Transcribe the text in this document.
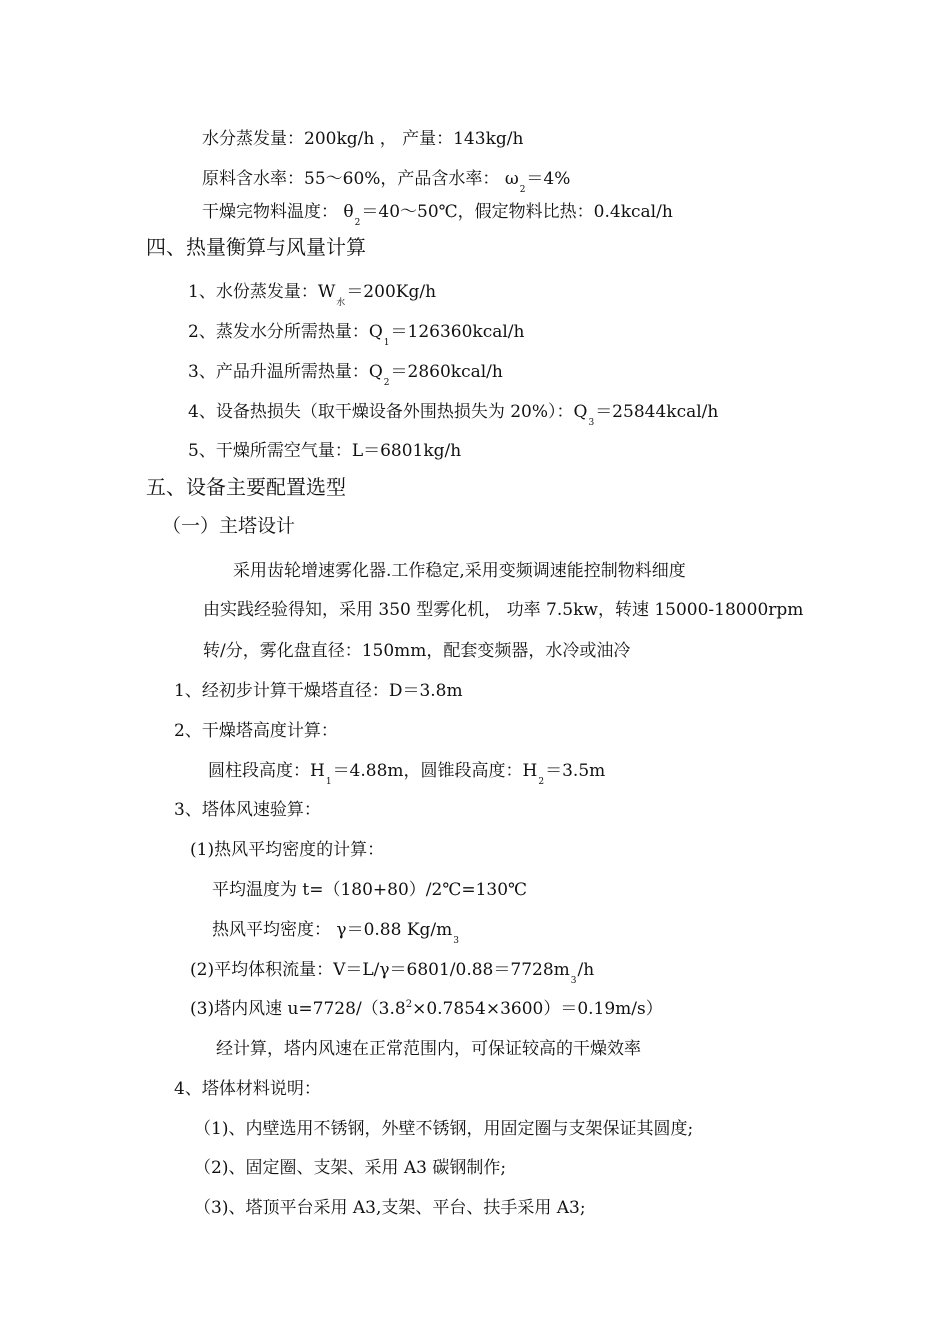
水分蒸发量：200kg/h ， 产量：143kg/h
原料含水率：55～60%，产品含水率： $\omega_2=4\%$
干燥完物料温度： $\theta_2=40\sim 50℃$，假定物料比热：0.4kcal/h
四、热量衡算与风量计算
1、水份蒸发量：$W_水=200Kg/h$
2、蒸发水分所需热量：$Q_1=126360kcal/h$
3、产品升温所需热量：$Q_2=2860kcal/h$
4、设备热损失（取干燥设备外围热损失为 20%）：$Q_3=25844kcal/h$
5、干燥所需空气量：L＝6801kg/h
五、设备主要配置选型
（一）主塔设计
采用齿轮增速雾化器.工作稳定,采用变频调速能控制物料细度
由实践经验得知，采用 350 型雾化机， 功率 7.5kw，转速 15000-18000rpm
转/分，雾化盘直径：150mm，配套变频器，水冷或油冷
1、经初步计算干燥塔直径：D＝3.8m
2、干燥塔高度计算：
圆柱段高度：$H_1=4.88m$，圆锥段高度：$H_2=3.5m$
3、塔体风速验算：
(1)热风平均密度的计算：
平均温度为 t=（180+80）/2℃=130℃
热风平均密度： γ＝0.88 $Kg/m_3$
(2)平均体积流量：$V=L/\gamma=6801/0.88=7728m_3/h$
(3)塔内风速 $u=7728/(3.8^2\times 0.7854\times 3600)=0.19m/s$）
经计算，塔内风速在正常范围内，可保证较高的干燥效率
4、塔体材料说明：
（1)、内壁选用不锈钢，外壁不锈钢，用固定圈与支架保证其圆度;
（2)、固定圈、支架、采用 A3 碳钢制作;
（3)、塔顶平台采用 A3,支架、平台、扶手采用 A3;
